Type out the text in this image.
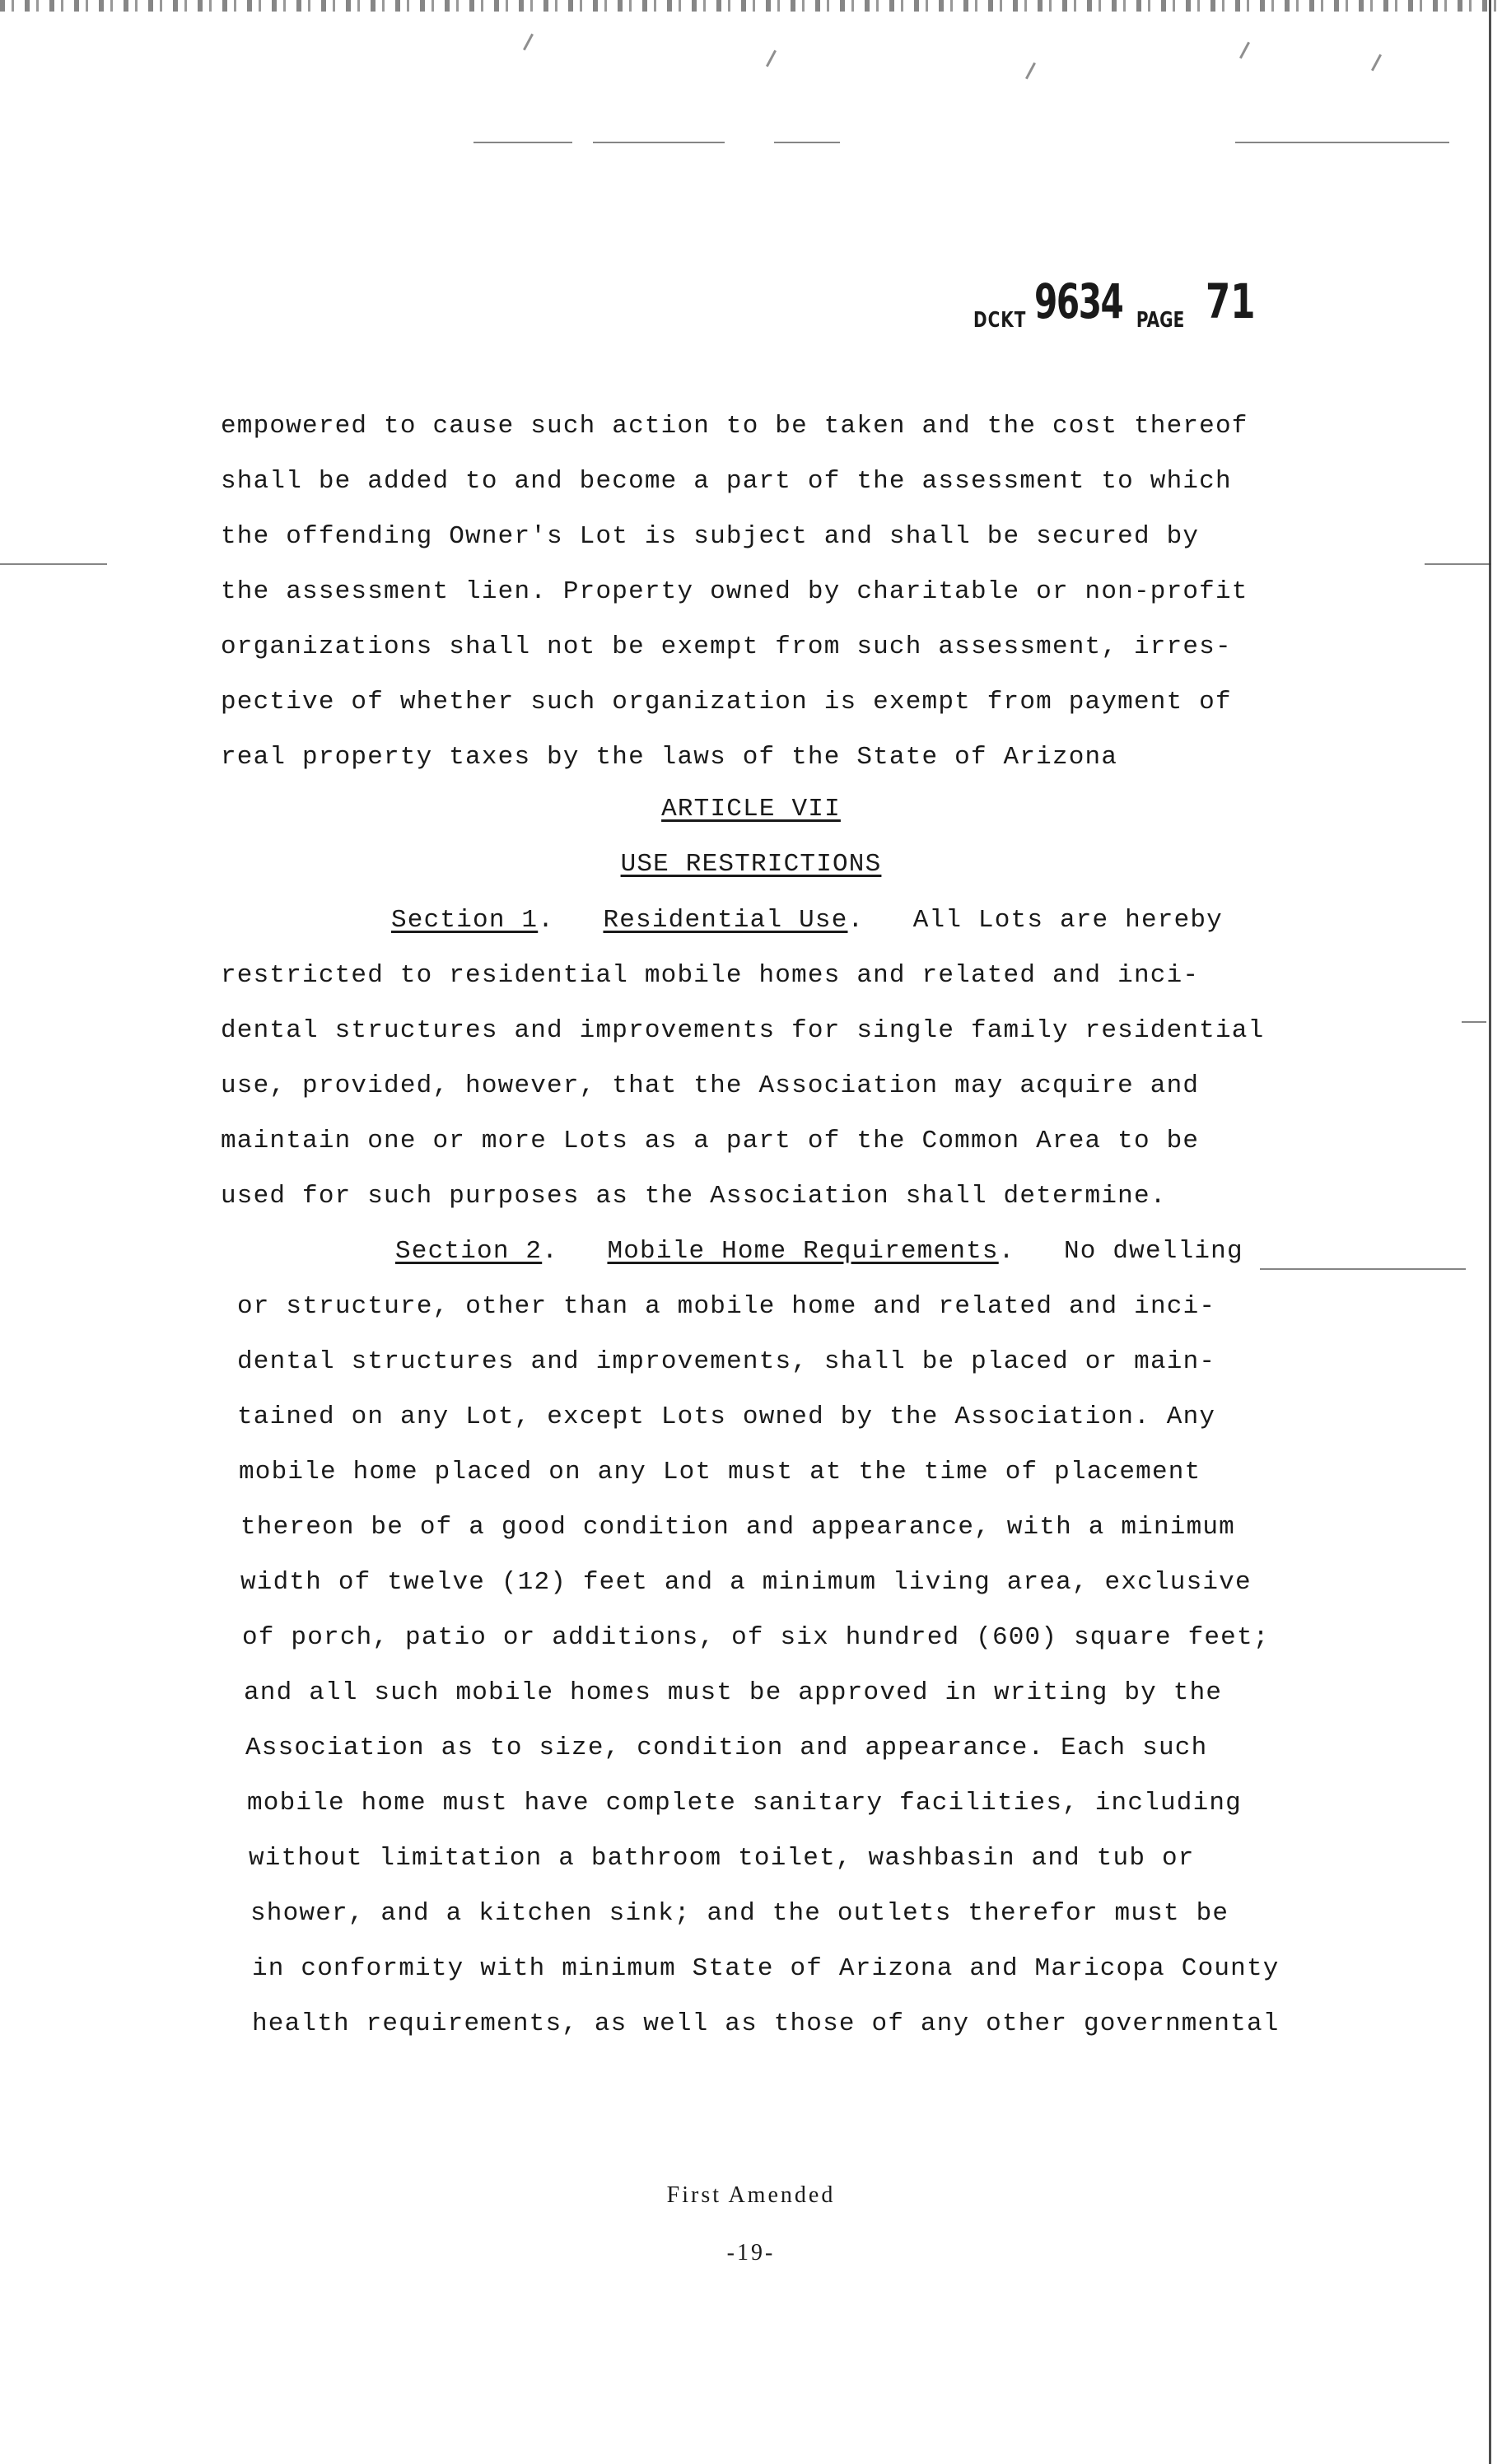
DCKT 9634 PAGE 71
empowered to cause such action to be taken and the cost thereof
shall be added to and become a part of the assessment to which
the offending Owner's Lot is subject and shall be secured by
the assessment lien. Property owned by charitable or non-profit
organizations shall not be exempt from such assessment, irres-
pective of whether such organization is exempt from payment of
real property taxes by the laws of the State of Arizona
ARTICLE VII
USE RESTRICTIONS
Section 1.   Residential Use.   All Lots are hereby
restricted to residential mobile homes and related and inci-
dental structures and improvements for single family residential
use, provided, however, that the Association may acquire and
maintain one or more Lots as a part of the Common Area to be
used for such purposes as the Association shall determine.
Section 2.   Mobile Home Requirements.   No dwelling
or structure, other than a mobile home and related and inci-
dental structures and improvements, shall be placed or main-
tained on any Lot, except Lots owned by the Association. Any
mobile home placed on any Lot must at the time of placement
thereon be of a good condition and appearance, with a minimum
width of twelve (12) feet and a minimum living area, exclusive
of porch, patio or additions, of six hundred (600) square feet;
and all such mobile homes must be approved in writing by the
Association as to size, condition and appearance. Each such
mobile home must have complete sanitary facilities, including
without limitation a bathroom toilet, washbasin and tub or
shower, and a kitchen sink; and the outlets therefor must be
in conformity with minimum State of Arizona and Maricopa County
health requirements, as well as those of any other governmental
First Amended
-19-
